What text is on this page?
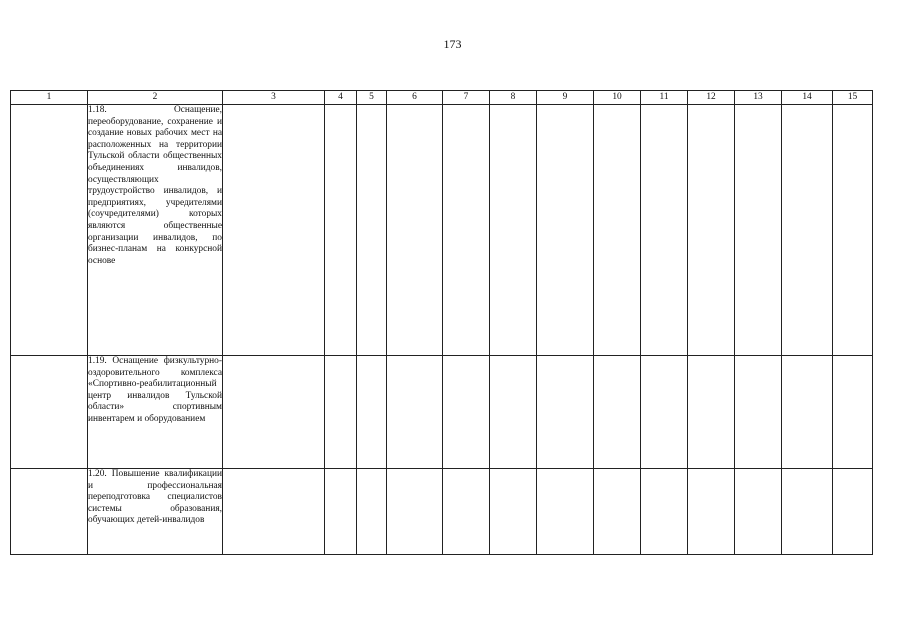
173
1	2	3	4	5	6	7	8	9	10	11	12	13	14	15
	1.18. Оснащение, переоборудование, сохранение и создание новых рабочих мест на расположенных на территории Тульской области общественных объединениях инвалидов, осуществляющих трудоустройство инвалидов, и предприятиях, учредителями (соучредителями) которых являются общественные организации инвалидов, по бизнес-планам на конкурсной основе													
	1.19. Оснащение физкультурно-оздоровительного комплекса «Спортивно-реабилитационный центр инвалидов Тульской области» спортивным инвентарем и оборудованием													
	1.20. Повышение квалификации и профессиональная переподготовка специалистов системы образования, обучающих детей-инвалидов													
